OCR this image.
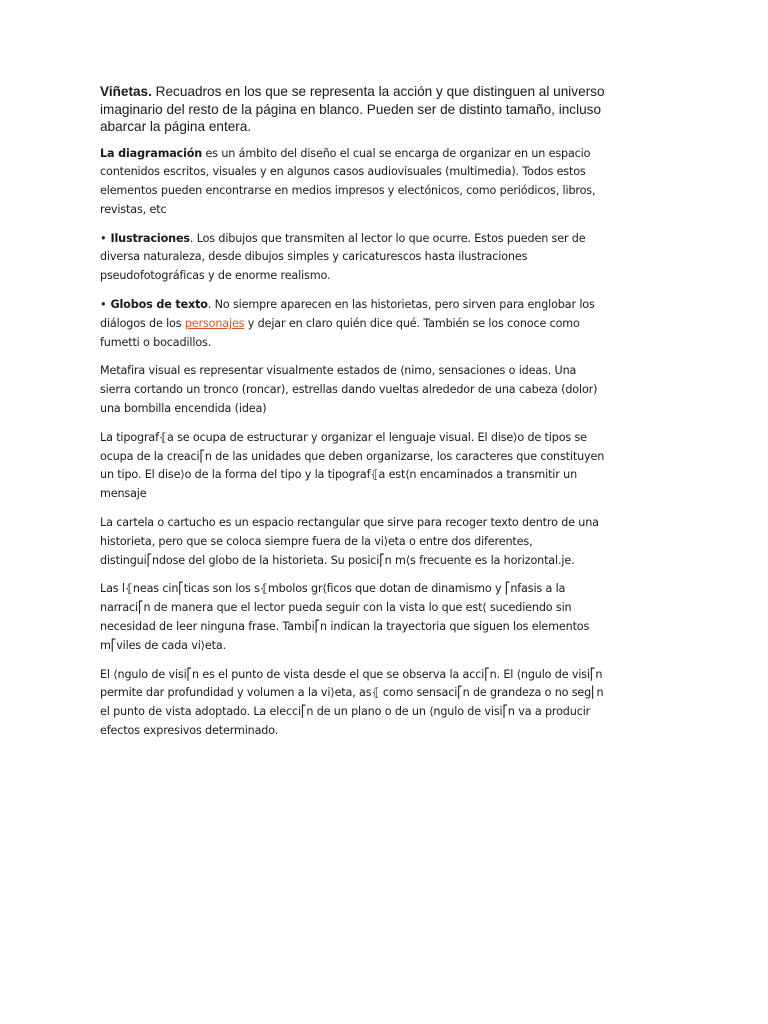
Viñetas. Recuadros en los que se representa la acción y que distinguen al universo imaginario del resto de la página en blanco. Pueden ser de distinto tamaño, incluso abarcar la página entera.

La diagramación es un ámbito del diseño el cual se encarga de organizar en un espacio contenidos escritos, visuales y en algunos casos audiovisuales (multimedia). Todos estos elementos pueden encontrarse en medios impresos y electónicos, como periódicos, libros, revistas, etc

• Ilustraciones. Los dibujos que transmiten al lector lo que ocurre. Estos pueden ser de diversa naturaleza, desde dibujos simples y caricaturescos hasta ilustraciones pseudofotográficas y de enorme realismo.

• Globos de texto. No siempre aparecen en las historietas, pero sirven para englobar los diálogos de los personajes y dejar en claro quién dice qué. También se los conoce como fumetti o bocadillos.

Metafira visual es representar visualmente estados de ⟨nimo, sensaciones o ideas. Una sierra cortando un tronco (roncar), estrellas dando vueltas alrededor de una cabeza (dolor) una bombilla encendida (idea)

La tipograf⦃a se ocupa de estructurar y organizar el lenguaje visual. El dise⟩o de tipos se ocupa de la creaci⎡n de las unidades que deben organizarse, los caracteres que constituyen un tipo. El dise⟩o de la forma del tipo y la tipograf⦃a est⟨n encaminados a transmitir un mensaje

La cartela o cartucho es un espacio rectangular que sirve para recoger texto dentro de una historieta, pero que se coloca siempre fuera de la vi⟩eta o entre dos diferentes, distingui⎡ndose del globo de la historieta. Su posici⎡n m⟨s frecuente es la horizontal.je.

Las l⦃neas cin⎡ticas son los s⦃mbolos gr⟨ficos que dotan de dinamismo y ⎡nfasis a la narraci⎡n de manera que el lector pueda seguir con la vista lo que est⟨ sucediendo sin necesidad de leer ninguna frase. Tambi⎡n indican la trayectoria que siguen los elementos m⎡viles de cada vi⟩eta.

El ⟨ngulo de visi⎡n es el punto de vista desde el que se observa la acci⎡n. El ⟨ngulo de visi⎡n permite dar profundidad y volumen a la vi⟩eta, as⦃ como sensaci⎡n de grandeza o no seg⎢n el punto de vista adoptado. La elecci⎡n de un plano o de un ⟨ngulo de visi⎡n va a producir efectos expresivos determinado.
